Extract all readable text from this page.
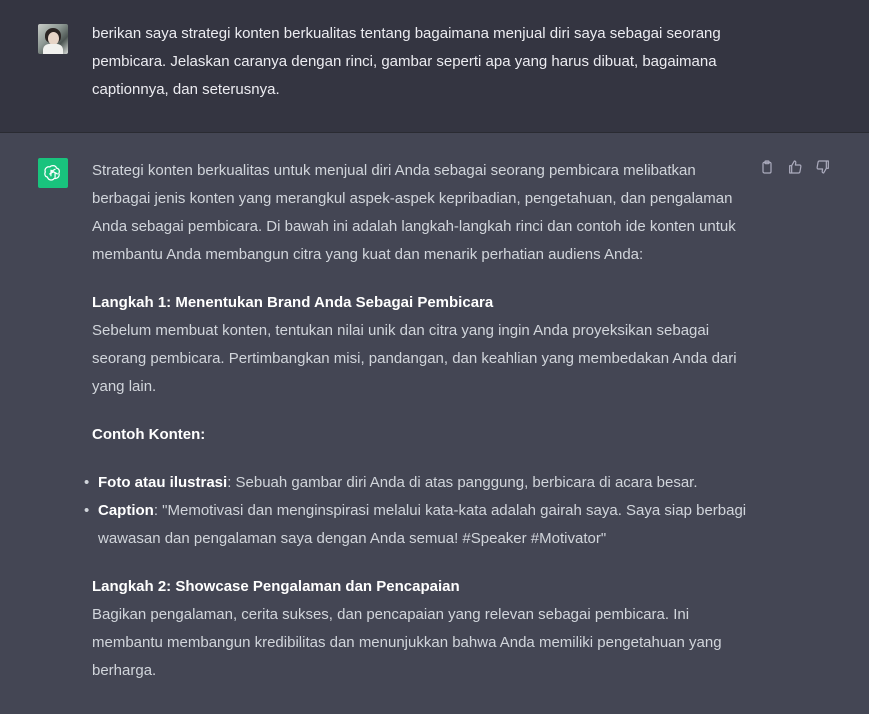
berikan saya strategi konten berkualitas tentang bagaimana menjual diri saya sebagai seorang pembicara. Jelaskan caranya dengan rinci, gambar seperti apa yang harus dibuat, bagaimana captionnya, dan seterusnya.

Strategi konten berkualitas untuk menjual diri Anda sebagai seorang pembicara melibatkan berbagai jenis konten yang merangkul aspek-aspek kepribadian, pengetahuan, dan pengalaman Anda sebagai pembicara. Di bawah ini adalah langkah-langkah rinci dan contoh ide konten untuk membantu Anda membangun citra yang kuat dan menarik perhatian audiens Anda:

Langkah 1: Menentukan Brand Anda Sebagai Pembicara
Sebelum membuat konten, tentukan nilai unik dan citra yang ingin Anda proyeksikan sebagai seorang pembicara. Pertimbangkan misi, pandangan, dan keahlian yang membedakan Anda dari yang lain.

Contoh Konten:

• Foto atau ilustrasi: Sebuah gambar diri Anda di atas panggung, berbicara di acara besar.
• Caption: "Memotivasi dan menginspirasi melalui kata-kata adalah gairah saya. Saya siap berbagi wawasan dan pengalaman saya dengan Anda semua! #Speaker #Motivator"

Langkah 2: Showcase Pengalaman dan Pencapaian
Bagikan pengalaman, cerita sukses, dan pencapaian yang relevan sebagai pembicara. Ini membantu membangun kredibilitas dan menunjukkan bahwa Anda memiliki pengetahuan yang berharga.
